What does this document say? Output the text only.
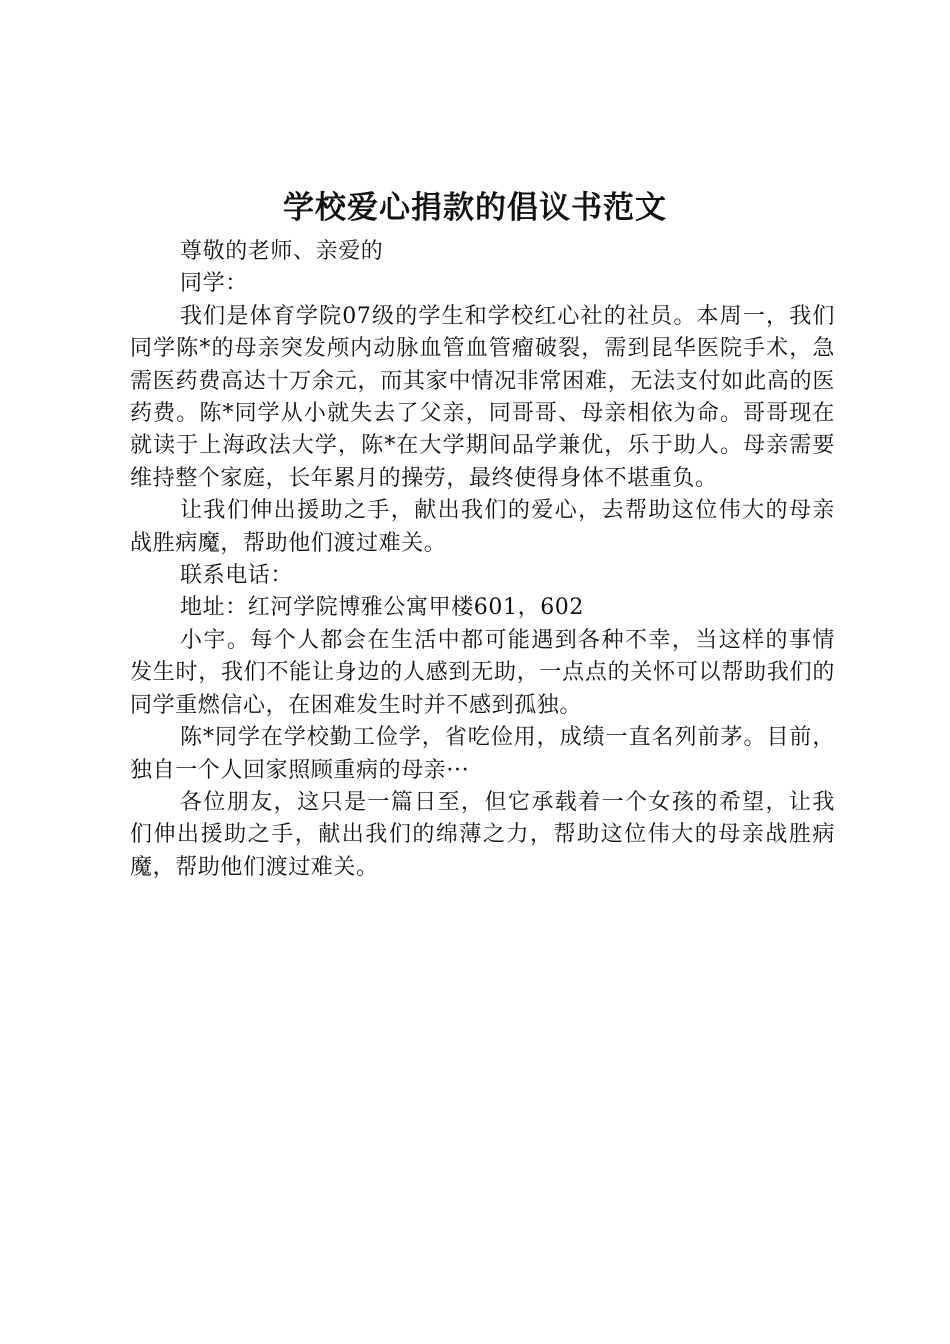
学校爱心捐款的倡议书范文

尊敬的老师、亲爱的

同学：

我们是体育学院07级的学生和学校红心社的社员。本周一，我们同学陈*的母亲突发颅内动脉血管血管瘤破裂，需到昆华医院手术，急需医药费高达十万余元，而其家中情况非常困难，无法支付如此高的医药费。陈*同学从小就失去了父亲，同哥哥、母亲相依为命。哥哥现在就读于上海政法大学，陈*在大学期间品学兼优，乐于助人。母亲需要维持整个家庭，长年累月的操劳，最终使得身体不堪重负。

让我们伸出援助之手，献出我们的爱心，去帮助这位伟大的母亲战胜病魔，帮助他们渡过难关。

联系电话：

地址：红河学院博雅公寓甲楼601，602

小宇。每个人都会在生活中都可能遇到各种不幸，当这样的事情发生时，我们不能让身边的人感到无助，一点点的关怀可以帮助我们的同学重燃信心，在困难发生时并不感到孤独。

陈*同学在学校勤工俭学，省吃俭用，成绩一直名列前茅。目前，独自一个人回家照顾重病的母亲···

各位朋友，这只是一篇日至，但它承载着一个女孩的希望，让我们伸出援助之手，献出我们的绵薄之力，帮助这位伟大的母亲战胜病魔，帮助他们渡过难关。
